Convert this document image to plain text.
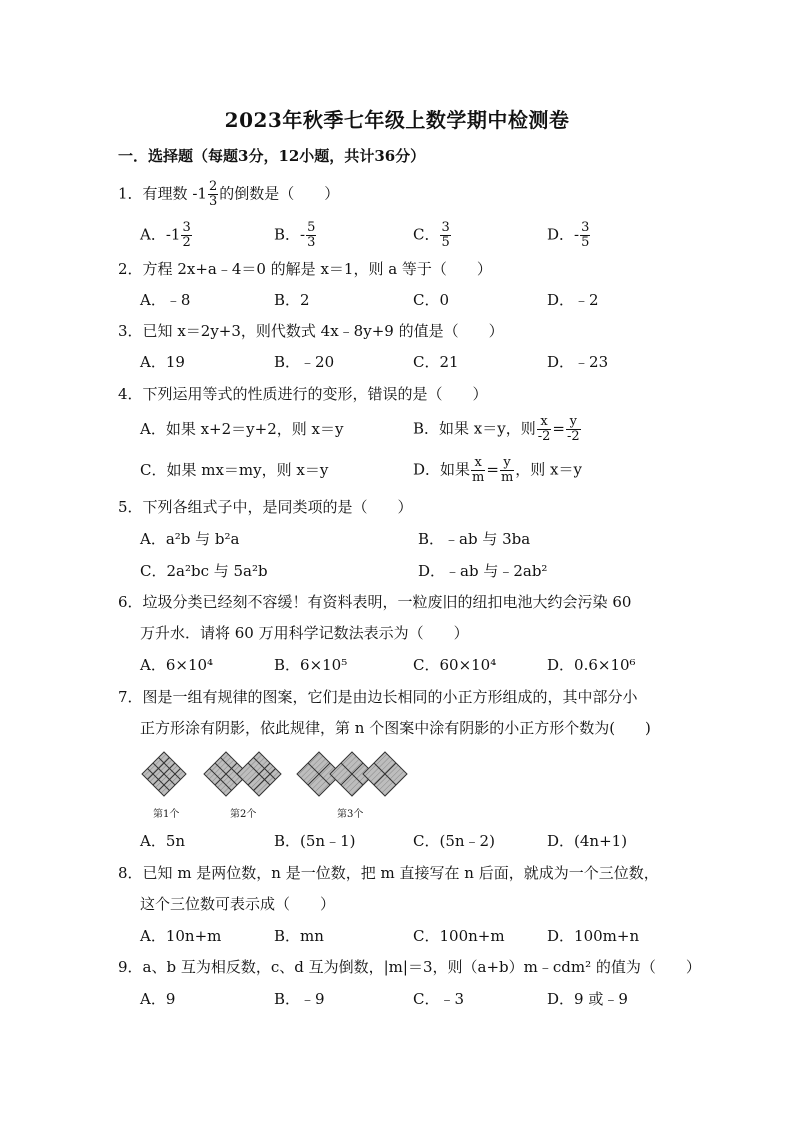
2023年秋季七年级上数学期中检测卷
一．选择题（每题3分，12小题，共计36分）
1．有理数 $-1 \frac{2}{3}$ 的倒数是（　　）
A．$-1 \frac{3}{2}$	B．- $\frac{5}{3}$	C． $\frac{3}{5}$	D．- $\frac{3}{5}$
2．方程 2x+a﹣4＝0 的解是 x＝1，则 a 等于（　　）
A．﹣8	B．2	C．0	D．﹣2
3．已知 x＝2y+3，则代数式 4x﹣8y+9 的值是（　　）
A．19	B．﹣20	C．21	D．﹣23
4．下列运用等式的性质进行的变形，错误的是（　　）
A．如果 x+2＝y+2，则 x＝y	B．如果 x＝y，则 $\frac{x}{-2} = \frac{y}{-2}$
C．如果 mx＝my，则 x＝y	D．如果 $\frac{x}{m} = \frac{y}{m}$ ，则 x＝y
5．下列各组式子中，是同类项的是（　　）
A．a²b 与 b²a	B．﹣ab 与 3ba
C．2a²bc 与 5a²b	D．﹣ab 与﹣2ab²
6．垃圾分类已经刻不容缓！有资料表明，一粒废旧的纽扣电池大约会污染 60
万升水．请将 60 万用科学记数法表示为（　　）
A．6×10⁴	B．6×10⁵	C．60×10⁴	D．0.6×10⁶
7．图是一组有规律的图案，它们是由边长相同的小正方形组成的，其中部分小
正方形涂有阴影，依此规律，第 n 个图案中涂有阴影的小正方形个数为(　　)
第1个	第2个	第3个
A．5n	B．(5n﹣1)	C．(5n﹣2)	D．(4n+1)
8．已知 m 是两位数，n 是一位数，把 m 直接写在 n 后面，就成为一个三位数，
这个三位数可表示成（　　）
A．10n+m	B．mn	C．100n+m	D．100m+n
9．a、b 互为相反数，c、d 互为倒数，|m|＝3，则（a+b）m﹣cdm² 的值为（　　）
A．9	B．﹣9	C．﹣3	D．9 或﹣9
